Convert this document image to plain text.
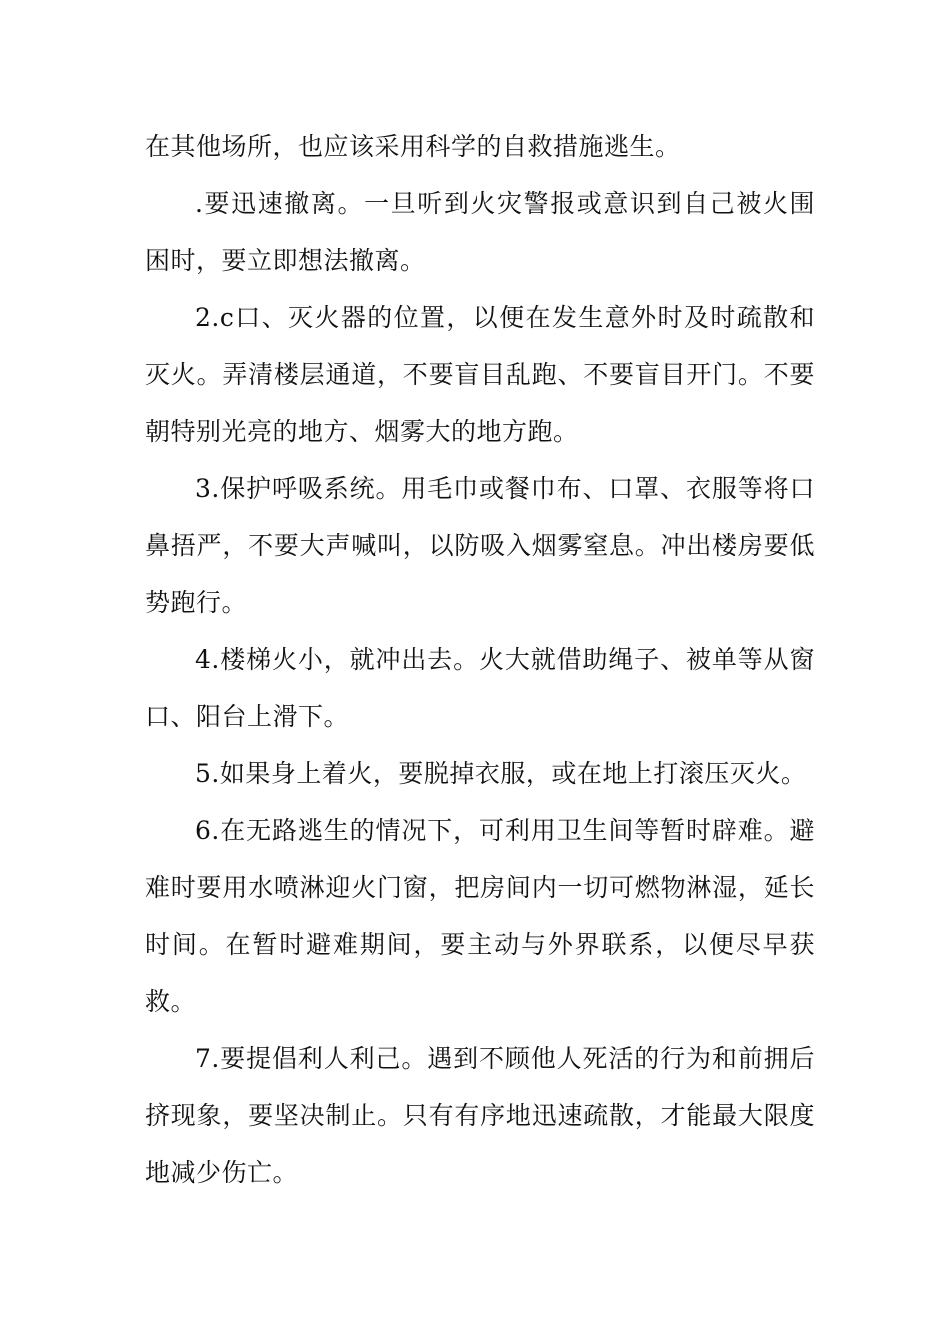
在其他场所，也应该采用科学的自救措施逃生。

.要迅速撤离。一旦听到火灾警报或意识到自己被火围困时，要立即想法撤离。

2.c口、灭火器的位置，以便在发生意外时及时疏散和灭火。弄清楼层通道，不要盲目乱跑、不要盲目开门。不要朝特别光亮的地方、烟雾大的地方跑。

3.保护呼吸系统。用毛巾或餐巾布、口罩、衣服等将口鼻捂严，不要大声喊叫，以防吸入烟雾窒息。冲出楼房要低势跑行。

4.楼梯火小，就冲出去。火大就借助绳子、被单等从窗口、阳台上滑下。

5.如果身上着火，要脱掉衣服，或在地上打滚压灭火。

6.在无路逃生的情况下，可利用卫生间等暂时辟难。避难时要用水喷淋迎火门窗，把房间内一切可燃物淋湿，延长时间。在暂时避难期间，要主动与外界联系，以便尽早获救。

7.要提倡利人利己。遇到不顾他人死活的行为和前拥后挤现象，要坚决制止。只有有序地迅速疏散，才能最大限度地减少伤亡。
